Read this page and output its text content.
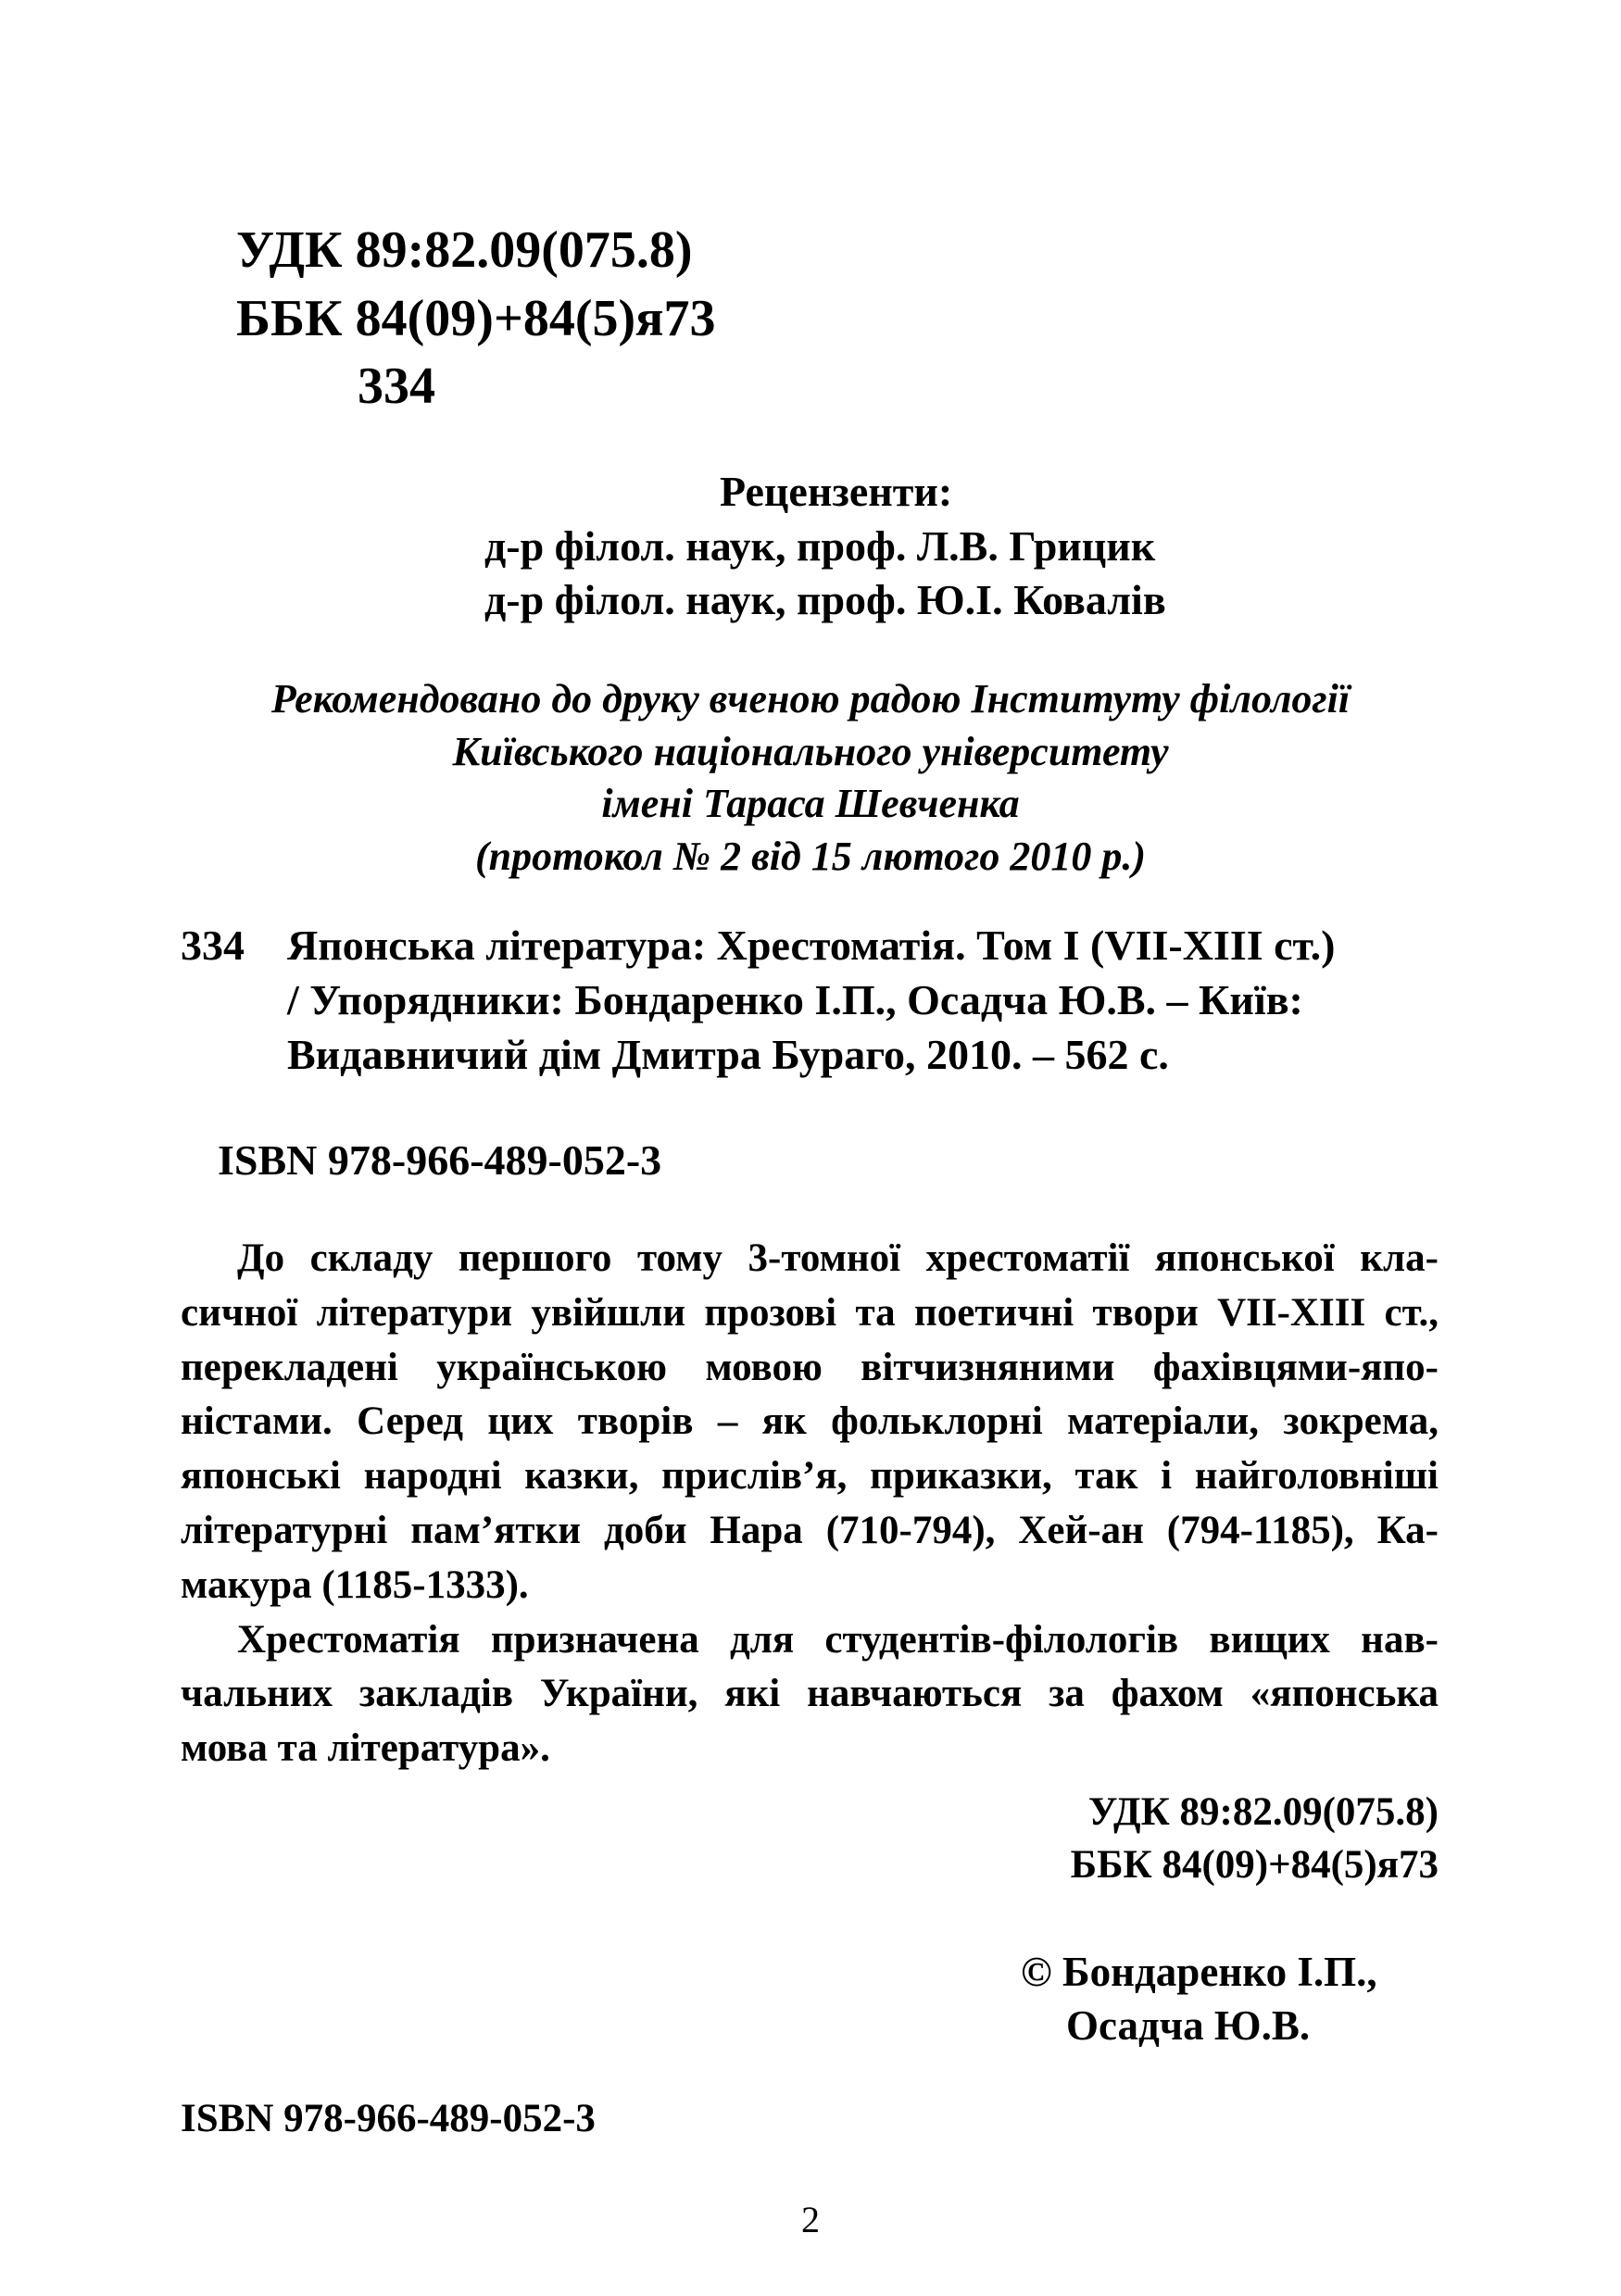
УДК 89:82.09(075.8)
ББК 84(09)+84(5)я73
334
Рецензенти:
д-р філол. наук, проф. Л.В. Грицик
д-р філол. наук, проф. Ю.І. Ковалів
Рекомендовано до друку вченою радою Інституту філології
Київського національного університету
імені Тараса Шевченка
(протокол № 2 від 15 лютого 2010 р.)
334 Японська література: Хрестоматія. Том І (VII-XIII ст.)
/ Упорядники: Бондаренко І.П., Осадча Ю.В. – Київ:
Видавничий дім Дмитра Бураго, 2010. – 562 с.
ISBN 978-966-489-052-3
До складу першого тому 3-томної хрестоматії японської кла-
сичної літератури увійшли прозові та поетичні твори VII-XIII ст.,
перекладені українською мовою вітчизняними фахівцями-япо-
ністами. Серед цих творів – як фольклорні матеріали, зокрема,
японські народні казки, прислів’я, приказки, так і найголовніші
літературні пам’ятки доби Нара (710-794), Хей-ан (794-1185), Ка-
макура (1185-1333).
Хрестоматія призначена для студентів-філологів вищих нав-
чальних закладів України, які навчаються за фахом «японська
мова та література».
УДК 89:82.09(075.8)
ББК 84(09)+84(5)я73
© Бондаренко І.П.,
Осадча Ю.В.
ISBN 978-966-489-052-3
2
